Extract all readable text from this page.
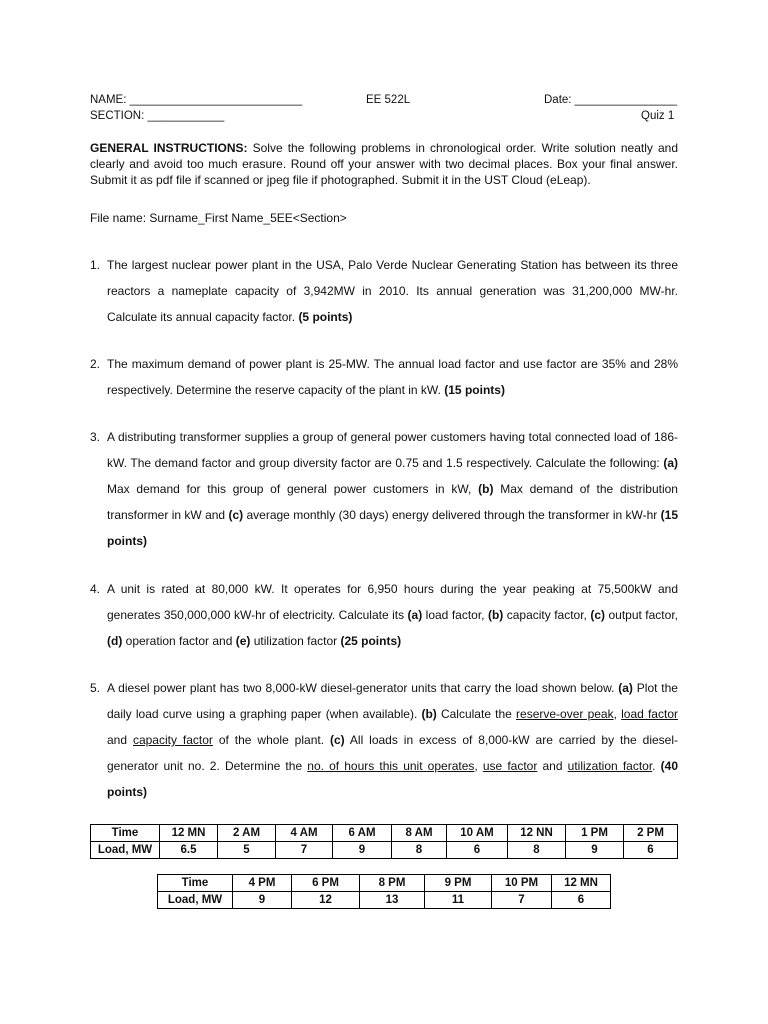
NAME: ___________________________	EE 522L	Date: ________________
SECTION: ____________	Quiz 1
GENERAL INSTRUCTIONS: Solve the following problems in chronological order. Write solution neatly and clearly and avoid too much erasure. Round off your answer with two decimal places. Box your final answer. Submit it as pdf file if scanned or jpeg file if photographed. Submit it in the UST Cloud (eLeap).
File name: Surname_First Name_5EE<Section>
1. The largest nuclear power plant in the USA, Palo Verde Nuclear Generating Station has between its three reactors a nameplate capacity of 3,942MW in 2010. Its annual generation was 31,200,000 MW-hr. Calculate its annual capacity factor. (5 points)
2. The maximum demand of power plant is 25-MW. The annual load factor and use factor are 35% and 28% respectively. Determine the reserve capacity of the plant in kW. (15 points)
3. A distributing transformer supplies a group of general power customers having total connected load of 186-kW. The demand factor and group diversity factor are 0.75 and 1.5 respectively. Calculate the following: (a) Max demand for this group of general power customers in kW, (b) Max demand of the distribution transformer in kW and (c) average monthly (30 days) energy delivered through the transformer in kW-hr (15 points)
4. A unit is rated at 80,000 kW. It operates for 6,950 hours during the year peaking at 75,500kW and generates 350,000,000 kW-hr of electricity. Calculate its (a) load factor, (b) capacity factor, (c) output factor, (d) operation factor and (e) utilization factor (25 points)
5. A diesel power plant has two 8,000-kW diesel-generator units that carry the load shown below. (a) Plot the daily load curve using a graphing paper (when available). (b) Calculate the reserve-over peak, load factor and capacity factor of the whole plant. (c) All loads in excess of 8,000-kW are carried by the diesel-generator unit no. 2. Determine the no. of hours this unit operates, use factor and utilization factor. (40 points)
Time	12 MN	2 AM	4 AM	6 AM	8 AM	10 AM	12 NN	1 PM	2 PM
Load, MW	6.5	5	7	9	8	6	8	9	6
Time	4 PM	6 PM	8 PM	9 PM	10 PM	12 MN
Load, MW	9	12	13	11	7	6
